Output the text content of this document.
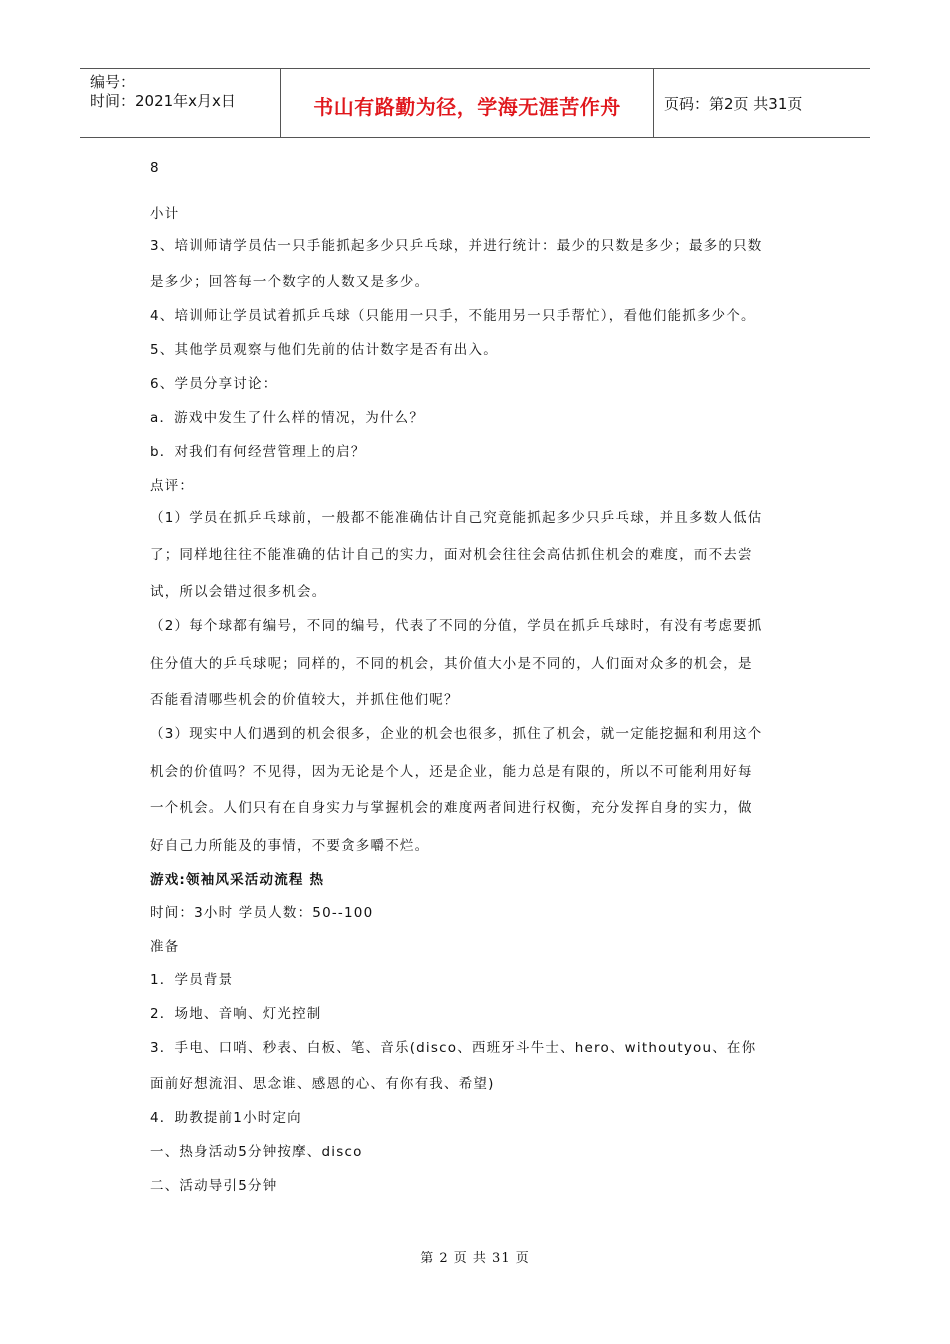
编号：
时间：2021年x月x日	书山有路勤为径，学海无涯苦作舟	页码：第2页 共31页
8
小计
3、培训师请学员估一只手能抓起多少只乒乓球，并进行统计：最少的只数是多少；最多的只数
是多少；回答每一个数字的人数又是多少。
4、培训师让学员试着抓乒乓球（只能用一只手，不能用另一只手帮忙），看他们能抓多少个。
5、其他学员观察与他们先前的估计数字是否有出入。
6、学员分享讨论：
a．游戏中发生了什么样的情况，为什么？
b．对我们有何经营管理上的启？
点评：
（1）学员在抓乒乓球前，一般都不能准确估计自己究竟能抓起多少只乒乓球，并且多数人低估
了；同样地往往不能准确的估计自己的实力，面对机会往往会高估抓住机会的难度，而不去尝
试，所以会错过很多机会。
（2）每个球都有编号，不同的编号，代表了不同的分值，学员在抓乒乓球时，有没有考虑要抓
住分值大的乒乓球呢；同样的，不同的机会，其价值大小是不同的，人们面对众多的机会，是
否能看清哪些机会的价值较大，并抓住他们呢？
（3）现实中人们遇到的机会很多，企业的机会也很多，抓住了机会，就一定能挖掘和利用这个
机会的价值吗？不见得，因为无论是个人，还是企业，能力总是有限的，所以不可能利用好每
一个机会。人们只有在自身实力与掌握机会的难度两者间进行权衡，充分发挥自身的实力，做
好自己力所能及的事情，不要贪多嚼不烂。
游戏:领袖风采活动流程 热
时间：3小时 学员人数：50--100
准备
1．学员背景
2．场地、音响、灯光控制
3．手电、口哨、秒表、白板、笔、音乐(disco、西班牙斗牛士、hero、withoutyou、在你
面前好想流泪、思念谁、感恩的心、有你有我、希望)
4．助教提前1小时定向
一、热身活动5分钟按摩、disco
二、活动导引5分钟
第 2 页 共 31 页
